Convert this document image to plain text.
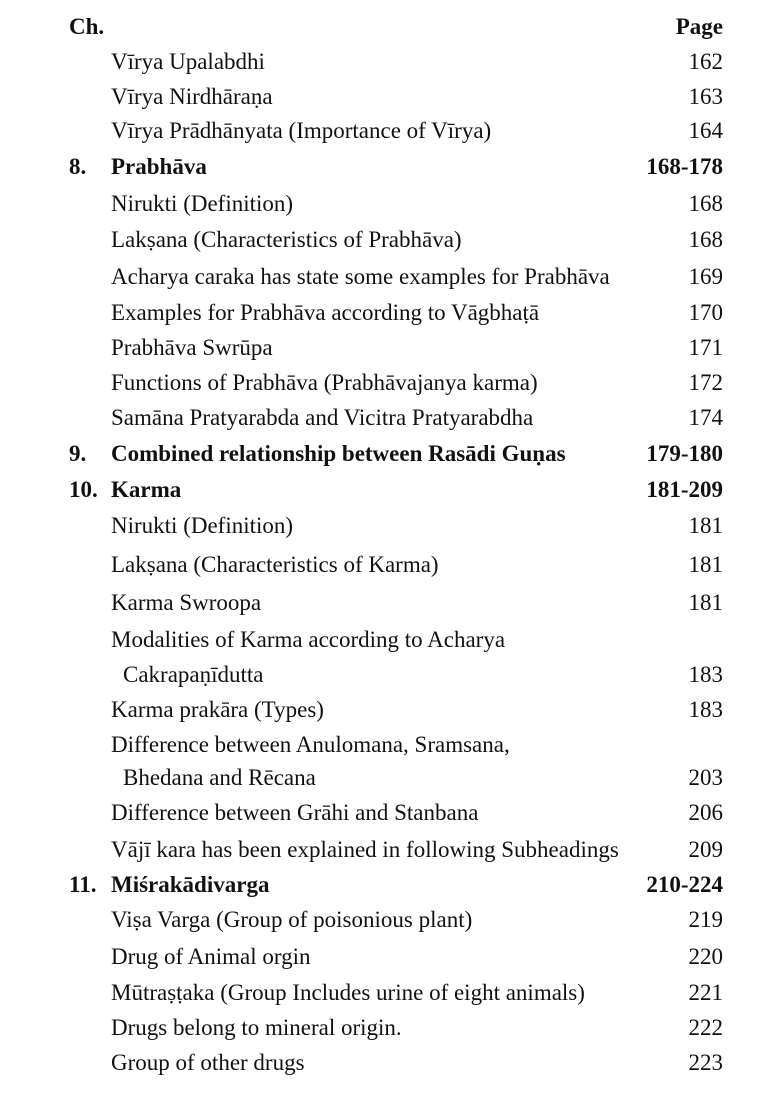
Ch.	Page
Vīrya Upalabdhi	162
Vīrya Nirdhāraṇa	163
Vīrya Prādhānyata (Importance of Vīrya)	164
8. Prabhāva	168-178
Nirukti (Definition)	168
Lakṣana (Characteristics of Prabhāva)	168
Acharya caraka has state some examples for Prabhāva	169
Examples for Prabhāva according to Vāgbhaṭā	170
Prabhāva Swrūpa	171
Functions of Prabhāva (Prabhāvajanya karma)	172
Samāna Pratyarabda and Vicitra Pratyarabdha	174
9. Combined relationship between Rasādi Guṇas	179-180
10. Karma	181-209
Nirukti (Definition)	181
Lakṣana (Characteristics of Karma)	181
Karma Swroopa	181
Modalities of Karma according to Acharya
Cakrapaṇīdutta	183
Karma prakāra (Types)	183
Difference between Anulomana, Sramsana,
Bhedana and Rēcana	203
Difference between Grāhi and Stanbana	206
Vājī kara has been explained in following Subheadings	209
11. Miśrakādivarga	210-224
Viṣa Varga (Group of poisonious plant)	219
Drug of Animal orgin	220
Mūtraṣṭaka (Group Includes urine of eight animals)	221
Drugs belong to mineral origin.	222
Group of other drugs	223
